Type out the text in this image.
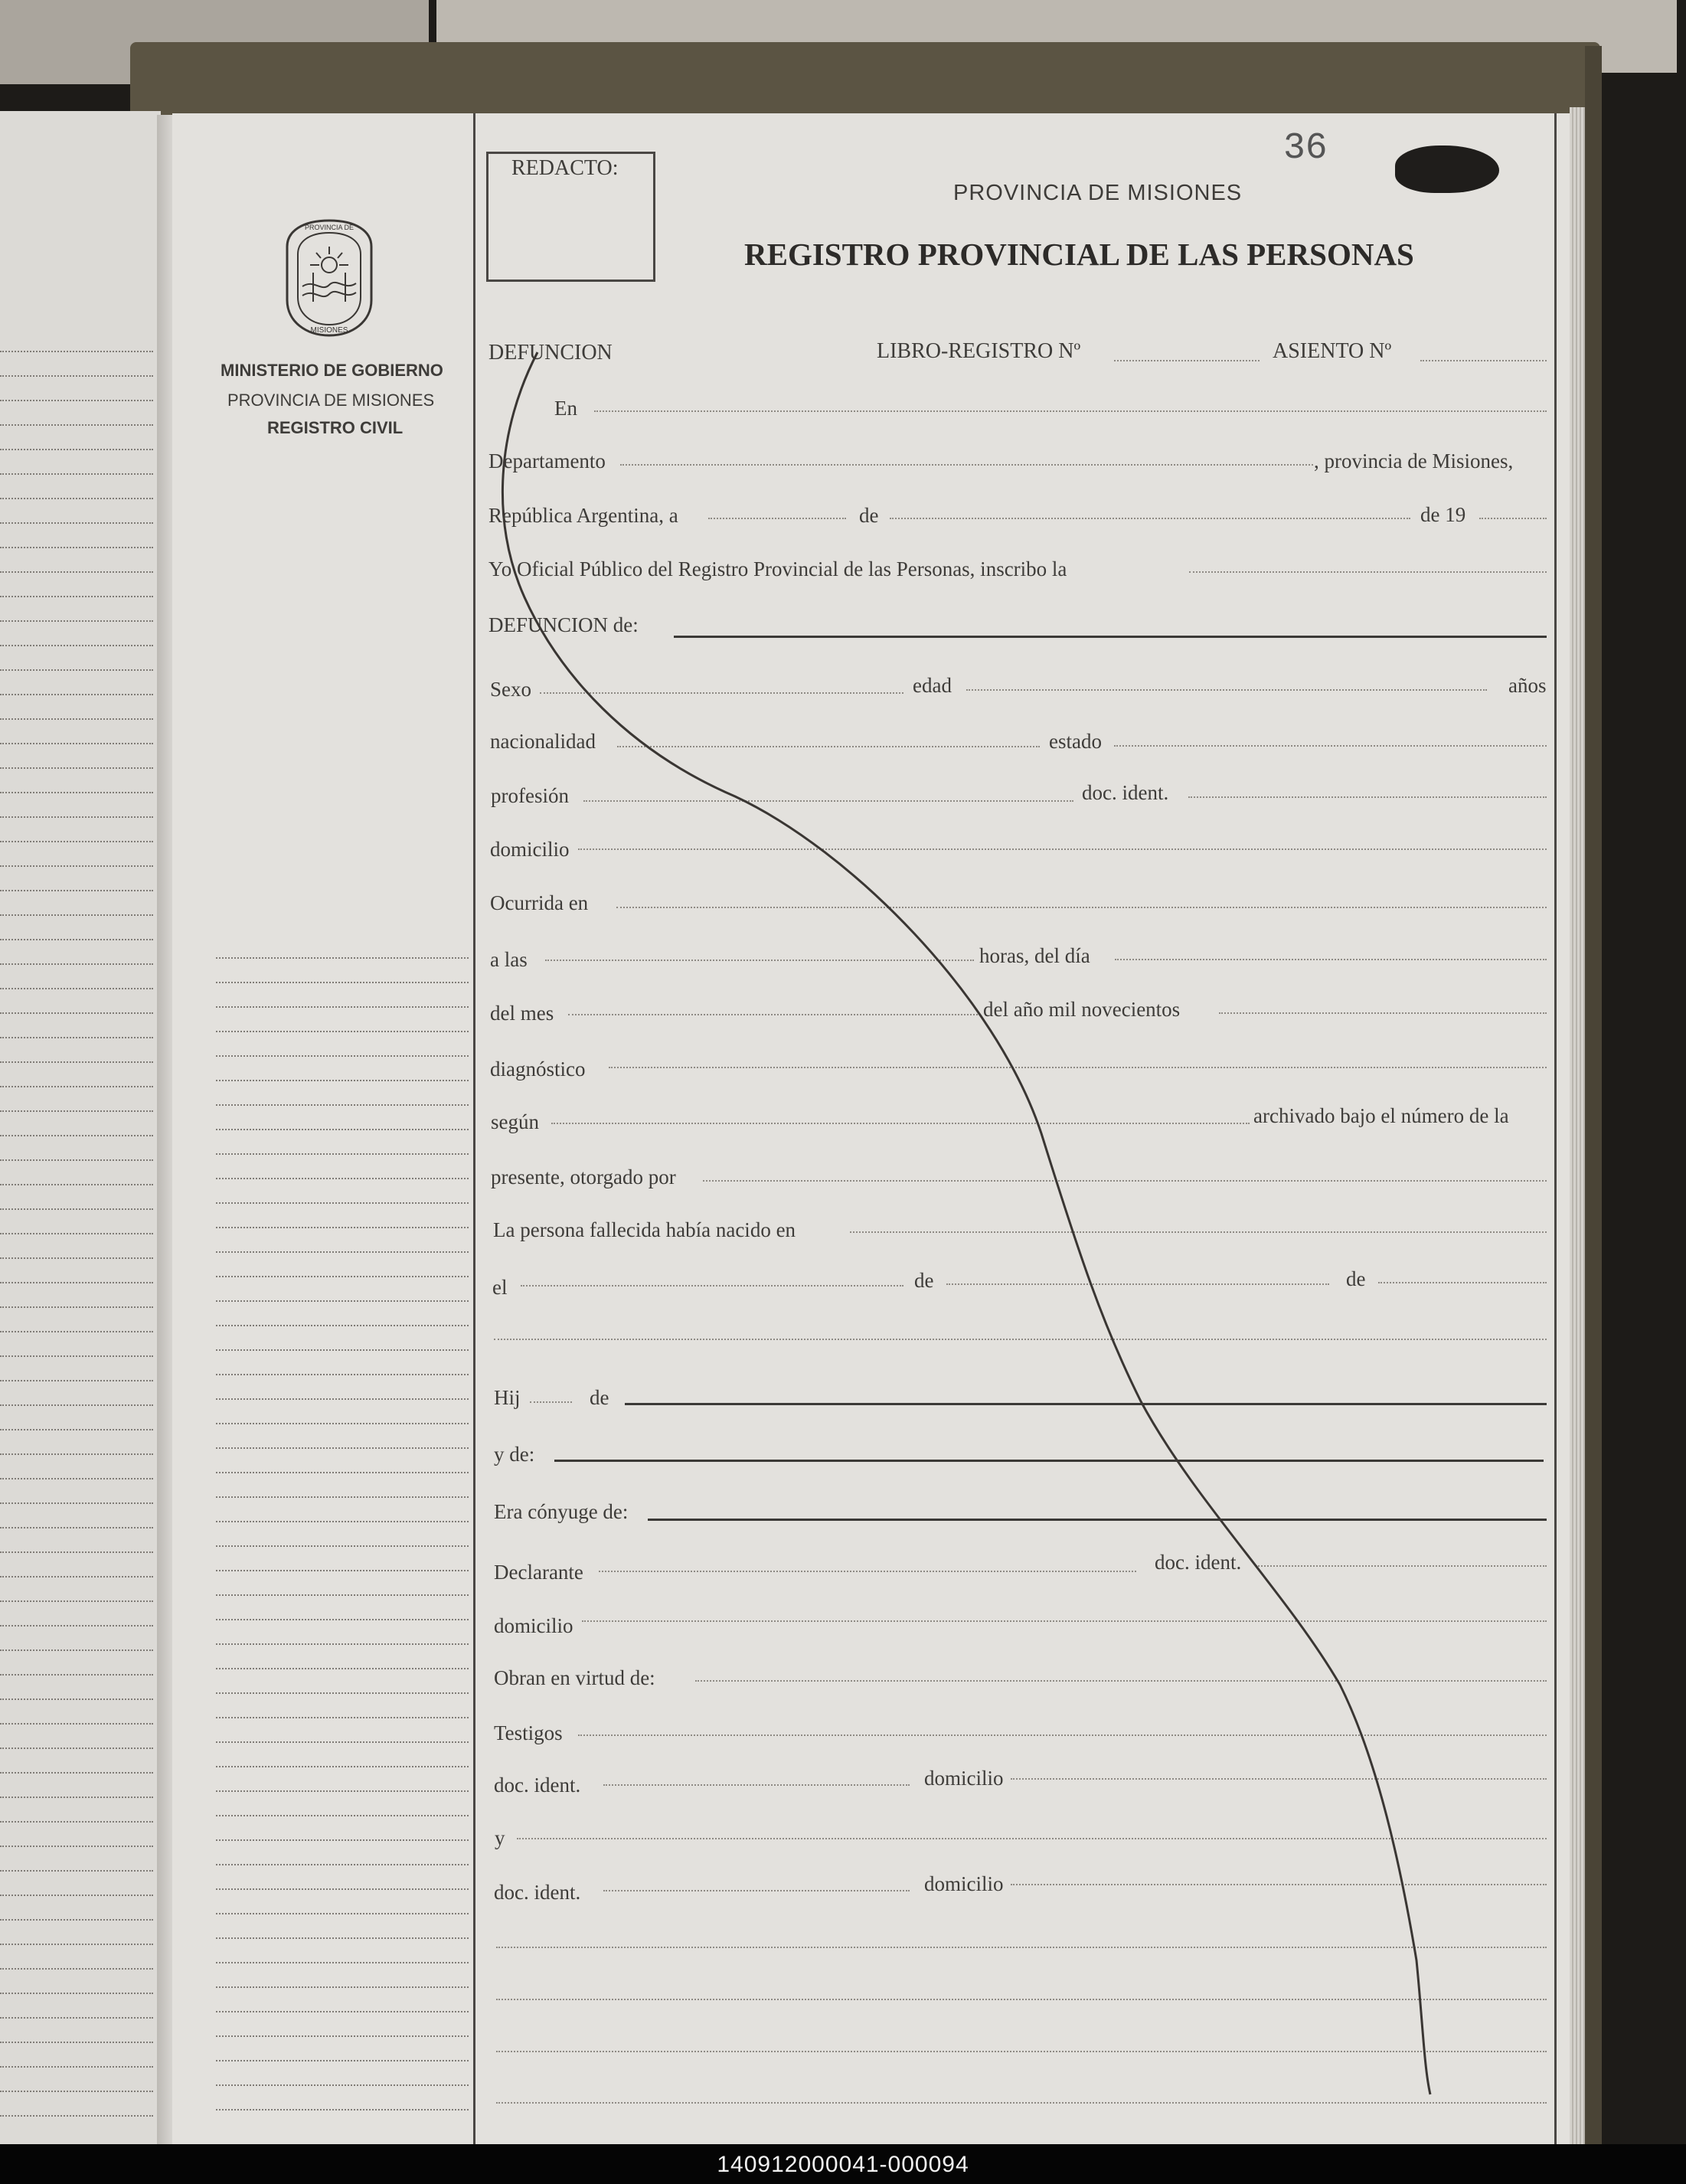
REDACTO:	36
PROVINCIA DE MISIONES
REGISTRO PROVINCIAL DE LAS PERSONAS
PROVINCIA DE
MISIONES
MINISTERIO DE GOBIERNO
PROVINCIA DE MISIONES
REGISTRO CIVIL
DEFUNCION	LIBRO-REGISTRO Nº	ASIENTO Nº
En
Departamento	, provincia de Misiones,
República Argentina, a	de	de 19
Yo Oficial Público del Registro Provincial de las Personas, inscribo la
DEFUNCION de:
Sexo	edad	años
nacionalidad	estado
profesión	doc. ident.
domicilio
Ocurrida en
a las	horas, del día
del mes	del año mil novecientos
diagnóstico
según	archivado bajo el número de la
presente, otorgado por
La persona fallecida había nacido en
el	de	de
Hij	de
y de:
Era cónyuge de:
Declarante	doc. ident.
domicilio
Obran en virtud de:
Testigos
doc. ident.	domicilio
y
doc. ident.	domicilio
140912000041-000094
